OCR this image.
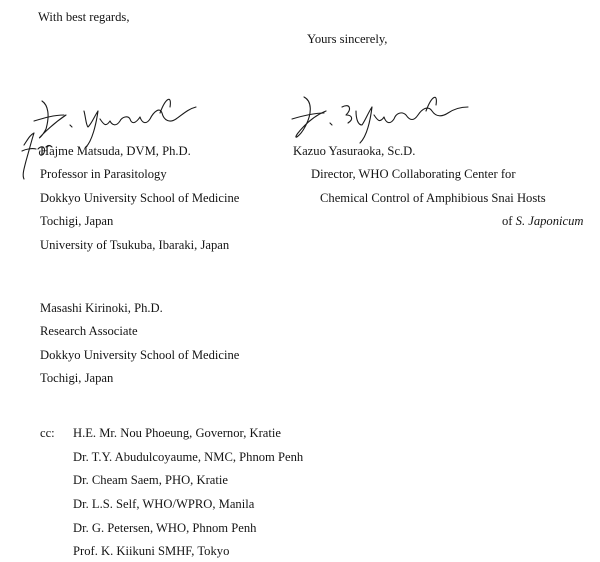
With best regards,
Yours sincerely,
Hajme Matsuda, DVM, Ph.D.
Professor in Parasitology
Dokkyo University School of Medicine
Tochigi, Japan
University of Tsukuba, Ibaraki, Japan
Kazuo Yasuraoka, Sc.D.
Director, WHO Collaborating Center for
Chemical Control of Amphibious Snai Hosts
of S. Japonicum
Masashi Kirinoki, Ph.D.
Research Associate
Dokkyo University School of Medicine
Tochigi, Japan
cc: H.E. Mr. Nou Phoeung, Governor, Kratie
Dr. T.Y. Abudulcoyaume, NMC, Phnom Penh
Dr. Cheam Saem, PHO, Kratie
Dr. L.S. Self, WHO/WPRO, Manila
Dr. G. Petersen, WHO, Phnom Penh
Prof. K. Kiikuni SMHF, Tokyo
